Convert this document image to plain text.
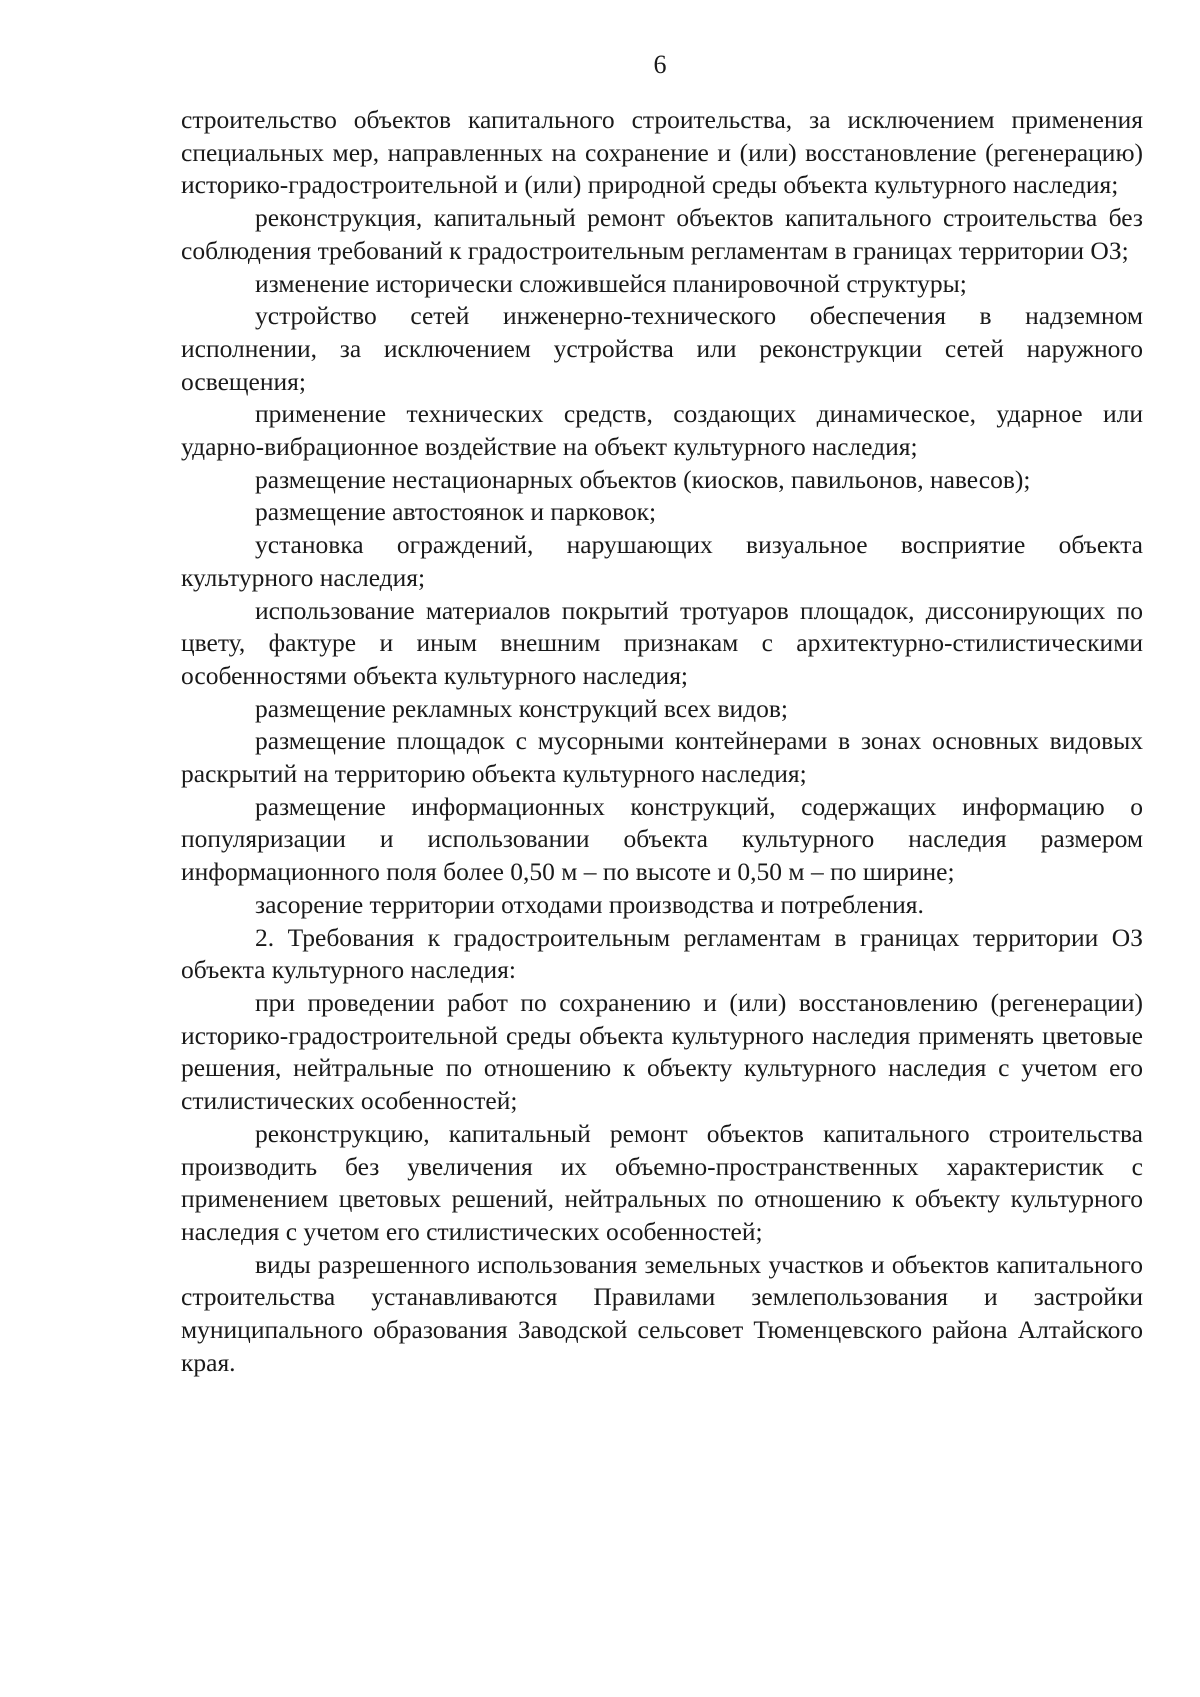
6

строительство объектов капитального строительства, за исключением применения специальных мер, направленных на сохранение и (или) восстановление (регенерацию) историко-градостроительной и (или) природной среды объекта культурного наследия;

реконструкция, капитальный ремонт объектов капитального строительства без соблюдения требований к градостроительным регламентам в границах территории ОЗ;

изменение исторически сложившейся планировочной структуры;

устройство сетей инженерно-технического обеспечения в надземном исполнении, за исключением устройства или реконструкции сетей наружного освещения;

применение технических средств, создающих динамическое, ударное или ударно-вибрационное воздействие на объект культурного наследия;

размещение нестационарных объектов (киосков, павильонов, навесов);

размещение автостоянок и парковок;

установка ограждений, нарушающих визуальное восприятие объекта культурного наследия;

использование материалов покрытий тротуаров площадок, диссонирующих по цвету, фактуре и иным внешним признакам с архитектурно-стилистическими особенностями объекта культурного наследия;

размещение рекламных конструкций всех видов;

размещение площадок с мусорными контейнерами в зонах основных видовых раскрытий на территорию объекта культурного наследия;

размещение информационных конструкций, содержащих информацию о популяризации и использовании объекта культурного наследия размером информационного поля более 0,50 м – по высоте и 0,50 м – по ширине;

засорение территории отходами производства и потребления.

2. Требования к градостроительным регламентам в границах территории ОЗ объекта культурного наследия:

при проведении работ по сохранению и (или) восстановлению (регенерации) историко-градостроительной среды объекта культурного наследия применять цветовые решения, нейтральные по отношению к объекту культурного наследия с учетом его стилистических особенностей;

реконструкцию, капитальный ремонт объектов капитального строительства производить без увеличения их объемно-пространственных характеристик с применением цветовых решений, нейтральных по отношению к объекту культурного наследия с учетом его стилистических особенностей;

виды разрешенного использования земельных участков и объектов капитального строительства устанавливаются Правилами землепользования и застройки муниципального образования Заводской сельсовет Тюменцевского района Алтайского края.
